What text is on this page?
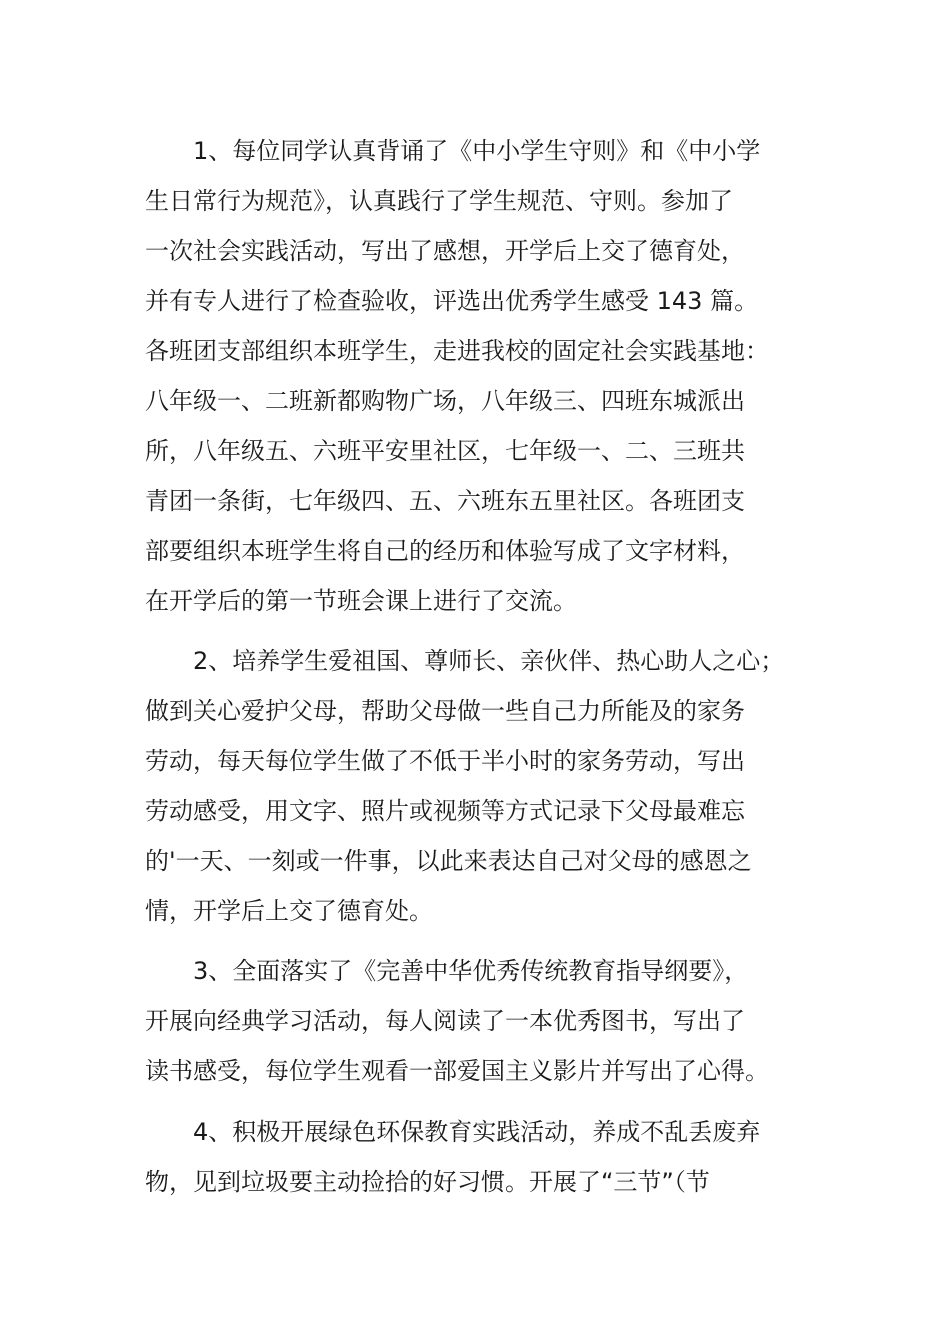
1、每位同学认真背诵了《中小学生守则》和《中小学
生日常行为规范》，认真践行了学生规范、守则。参加了
一次社会实践活动，写出了感想，开学后上交了德育处，
并有专人进行了检查验收，评选出优秀学生感受 143 篇。
各班团支部组织本班学生，走进我校的固定社会实践基地：
八年级一、二班新都购物广场，八年级三、四班东城派出
所，八年级五、六班平安里社区，七年级一、二、三班共
青团一条街，七年级四、五、六班东五里社区。各班团支
部要组织本班学生将自己的经历和体验写成了文字材料，
在开学后的第一节班会课上进行了交流。
2、培养学生爱祖国、尊师长、亲伙伴、热心助人之心；
做到关心爱护父母，帮助父母做一些自己力所能及的家务
劳动，每天每位学生做了不低于半小时的家务劳动，写出
劳动感受，用文字、照片或视频等方式记录下父母最难忘
的'一天、一刻或一件事，以此来表达自己对父母的感恩之
情，开学后上交了德育处。
3、全面落实了《完善中华优秀传统教育指导纲要》，
开展向经典学习活动，每人阅读了一本优秀图书，写出了
读书感受，每位学生观看一部爱国主义影片并写出了心得。
4、积极开展绿色环保教育实践活动，养成不乱丢废弃
物，见到垃圾要主动捡拾的好习惯。开展了“三节”（节
